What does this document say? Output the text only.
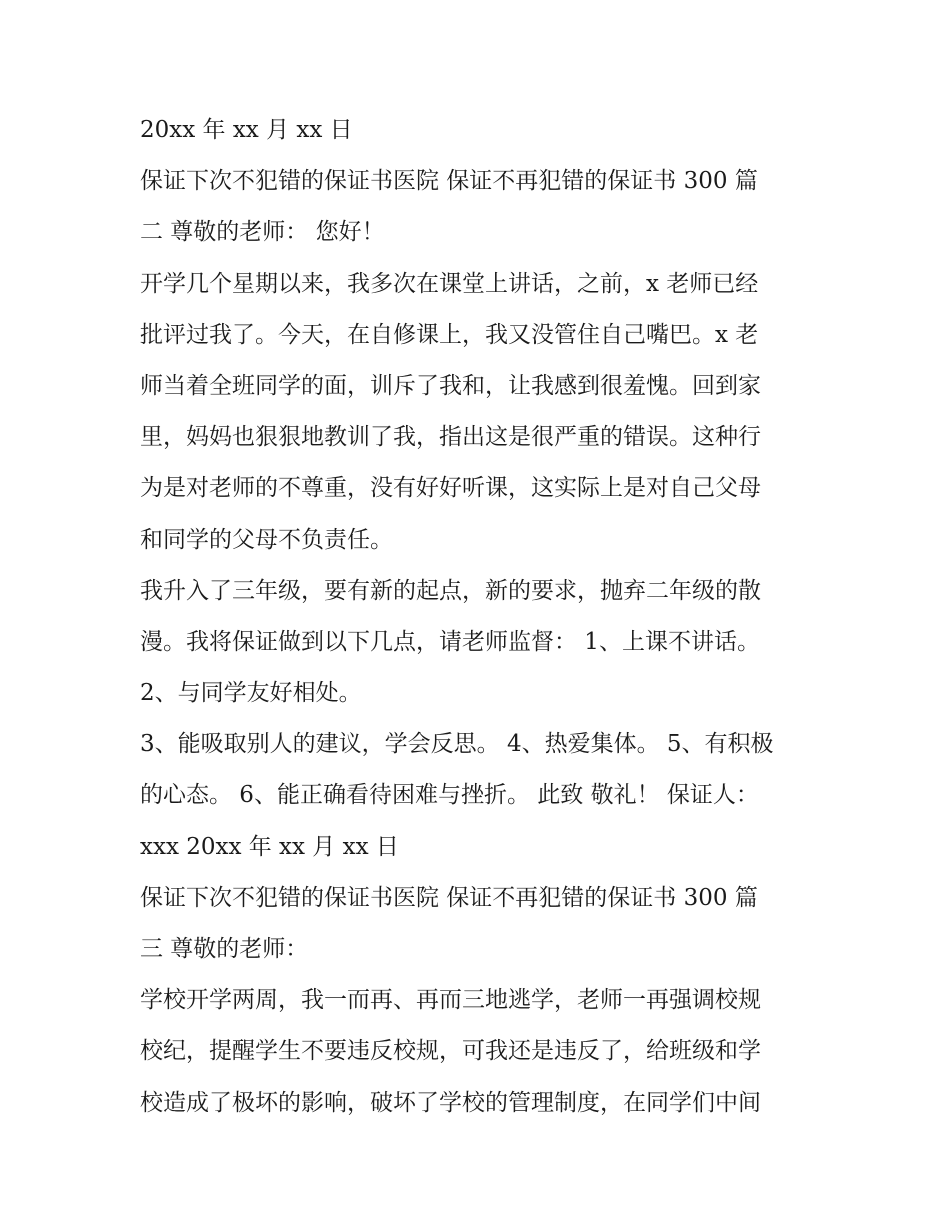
20xx 年 xx 月 xx 日
保证下次不犯错的保证书医院 保证不再犯错的保证书 300 篇
二 尊敬的老师： 您好！
开学几个星期以来，我多次在课堂上讲话，之前，x 老师已经
批评过我了。今天，在自修课上，我又没管住自己嘴巴。x 老
师当着全班同学的面，训斥了我和，让我感到很羞愧。回到家
里，妈妈也狠狠地教训了我，指出这是很严重的错误。这种行
为是对老师的不尊重，没有好好听课，这实际上是对自己父母
和同学的父母不负责任。
我升入了三年级，要有新的起点，新的要求，抛弃二年级的散
漫。我将保证做到以下几点，请老师监督： 1、上课不讲话。
2、与同学友好相处。
3、能吸取别人的建议，学会反思。 4、热爱集体。 5、有积极
的心态。 6、能正确看待困难与挫折。 此致 敬礼！ 保证人：
xxx 20xx 年 xx 月 xx 日
保证下次不犯错的保证书医院 保证不再犯错的保证书 300 篇
三 尊敬的老师：
学校开学两周，我一而再、再而三地逃学，老师一再强调校规
校纪，提醒学生不要违反校规，可我还是违反了，给班级和学
校造成了极坏的影响，破坏了学校的管理制度，在同学们中间
